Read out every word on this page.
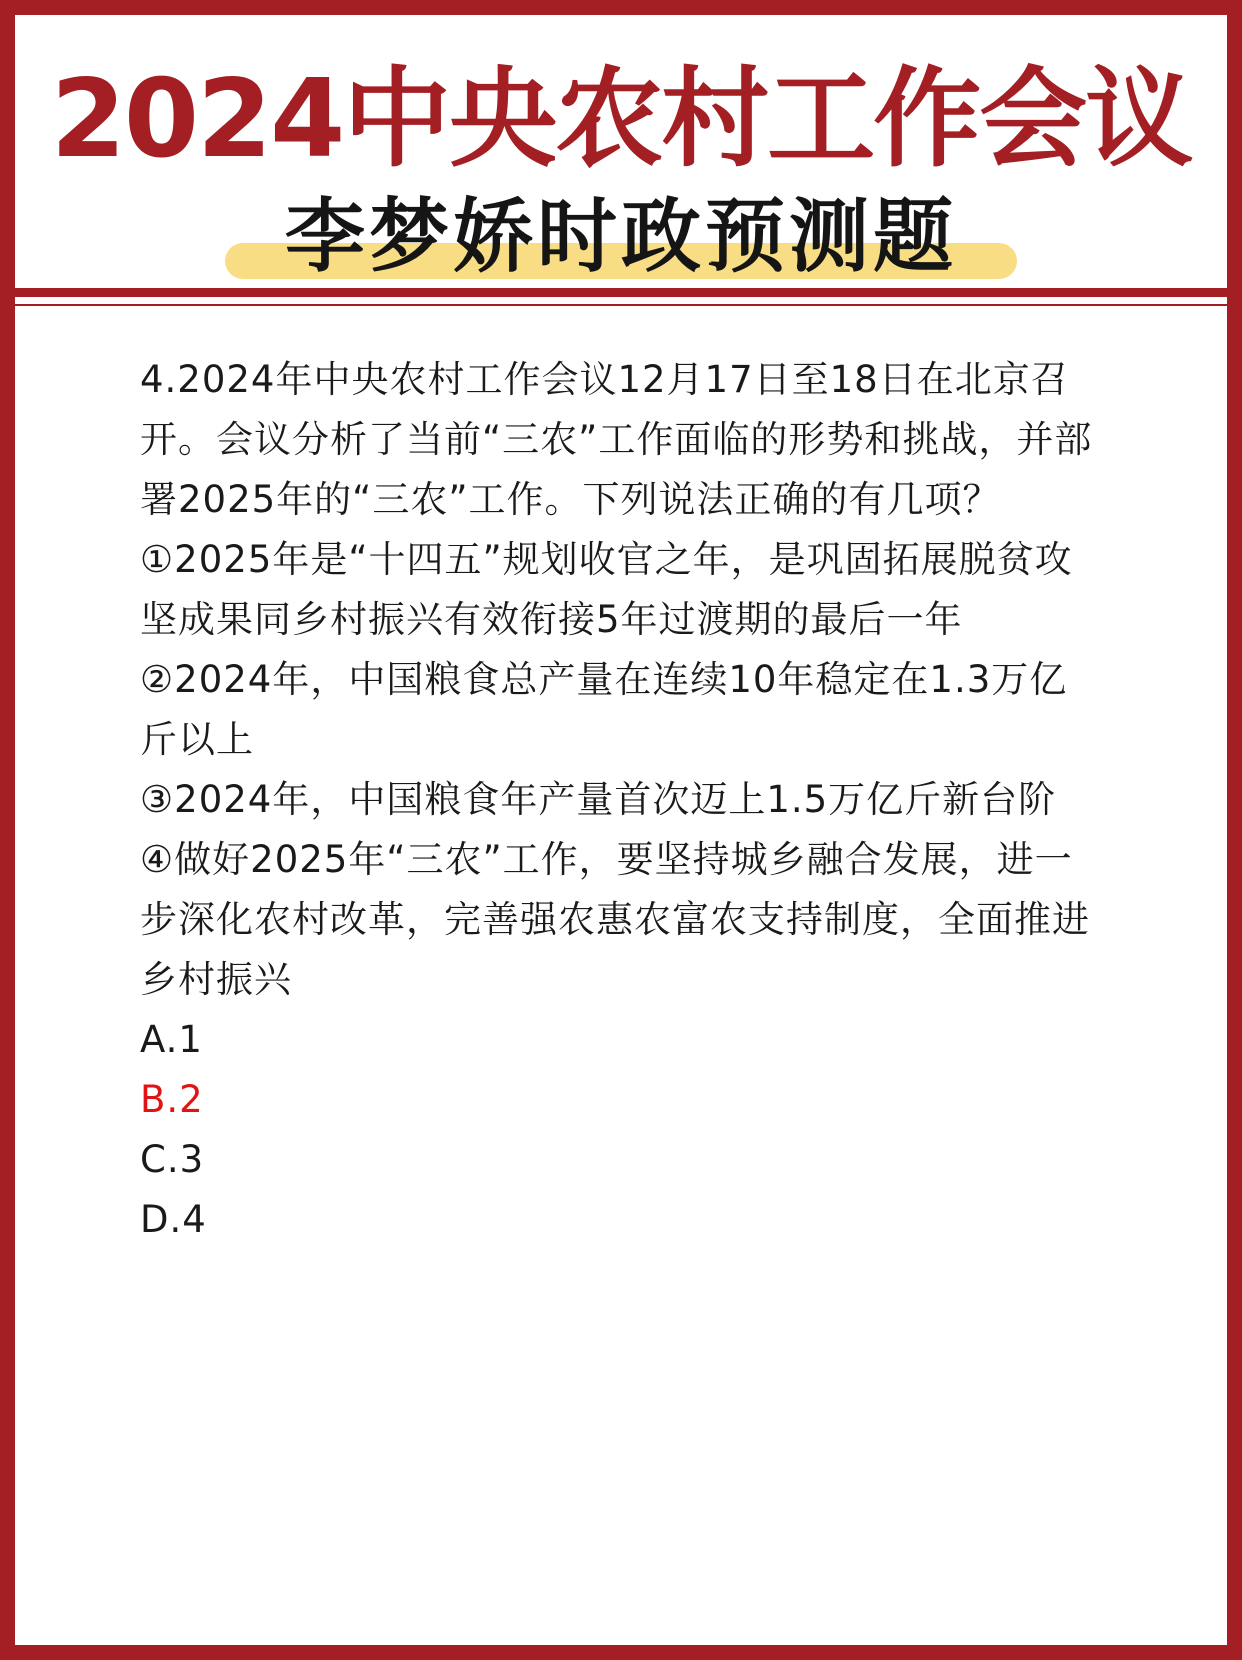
2024中央农村工作会议
李梦娇时政预测题

4.2024年中央农村工作会议12月17日至18日在北京召开。会议分析了当前“三农”工作面临的形势和挑战，并部署2025年的“三农”工作。下列说法正确的有几项？

①2025年是“十四五”规划收官之年，是巩固拓展脱贫攻坚成果同乡村振兴有效衔接5年过渡期的最后一年

②2024年，中国粮食总产量在连续10年稳定在1.3万亿斤以上

③2024年，中国粮食年产量首次迈上1.5万亿斤新台阶

④做好2025年“三农”工作，要坚持城乡融合发展，进一步深化农村改革，完善强农惠农富农支持制度，全面推进乡村振兴

A.1

B.2

C.3

D.4
